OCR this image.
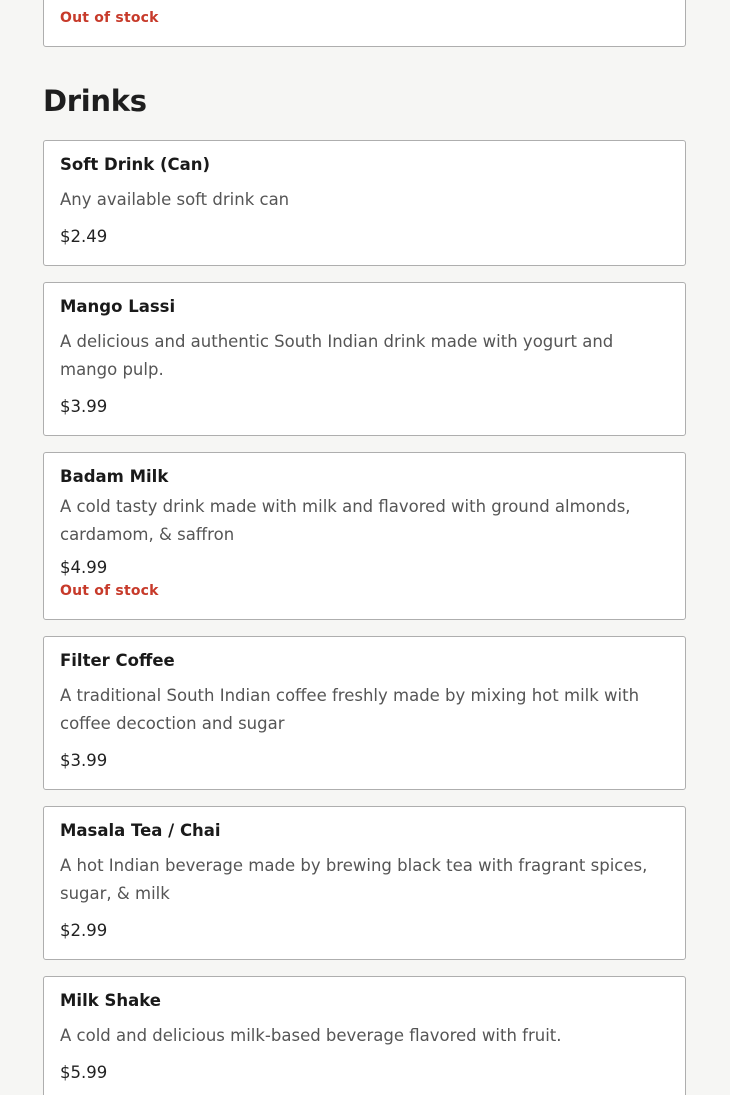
Out of stock

Drinks

Soft Drink (Can)

Any available soft drink can

$2.49

Mango Lassi

A delicious and authentic South Indian drink made with yogurt and mango pulp.

$3.99

Badam Milk

A cold tasty drink made with milk and flavored with ground almonds, cardamom, & saffron

$4.99

Out of stock

Filter Coffee

A traditional South Indian coffee freshly made by mixing hot milk with coffee decoction and sugar

$3.99

Masala Tea / Chai

A hot Indian beverage made by brewing black tea with fragrant spices, sugar, & milk

$2.99

Milk Shake

A cold and delicious milk-based beverage flavored with fruit.

$5.99
